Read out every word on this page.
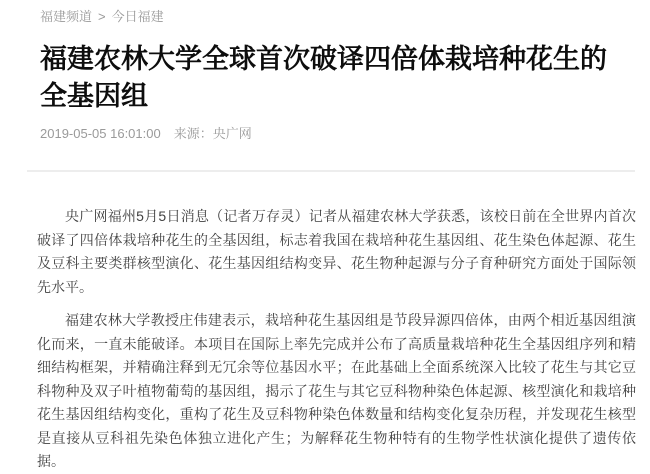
福建频道 > 今日福建
福建农林大学全球首次破译四倍体栽培种花生的全基因组
2019-05-05 16:01:00 来源：央广网

央广网福州5月5日消息（记者万存灵）记者从福建农林大学获悉，该校日前在全世界内首次破译了四倍体栽培种花生的全基因组，标志着我国在栽培种花生基因组、花生染色体起源、花生及豆科主要类群核型演化、花生基因组结构变异、花生物种起源与分子育种研究方面处于国际领先水平。

福建农林大学教授庄伟建表示，栽培种花生基因组是节段异源四倍体，由两个相近基因组演化而来，一直未能破译。本项目在国际上率先完成并公布了高质量栽培种花生全基因组序列和精细结构框架，并精确注释到无冗余等位基因水平；在此基础上全面系统深入比较了花生与其它豆科物种及双子叶植物葡萄的基因组，揭示了花生与其它豆科物种染色体起源、核型演化和栽培种花生基因组结构变化，重构了花生及豆科物种染色体数量和结构变化复杂历程，并发现花生核型是直接从豆科祖先染色体独立进化产生；为解释花生物种特有的生物学性状演化提供了遗传依据。
